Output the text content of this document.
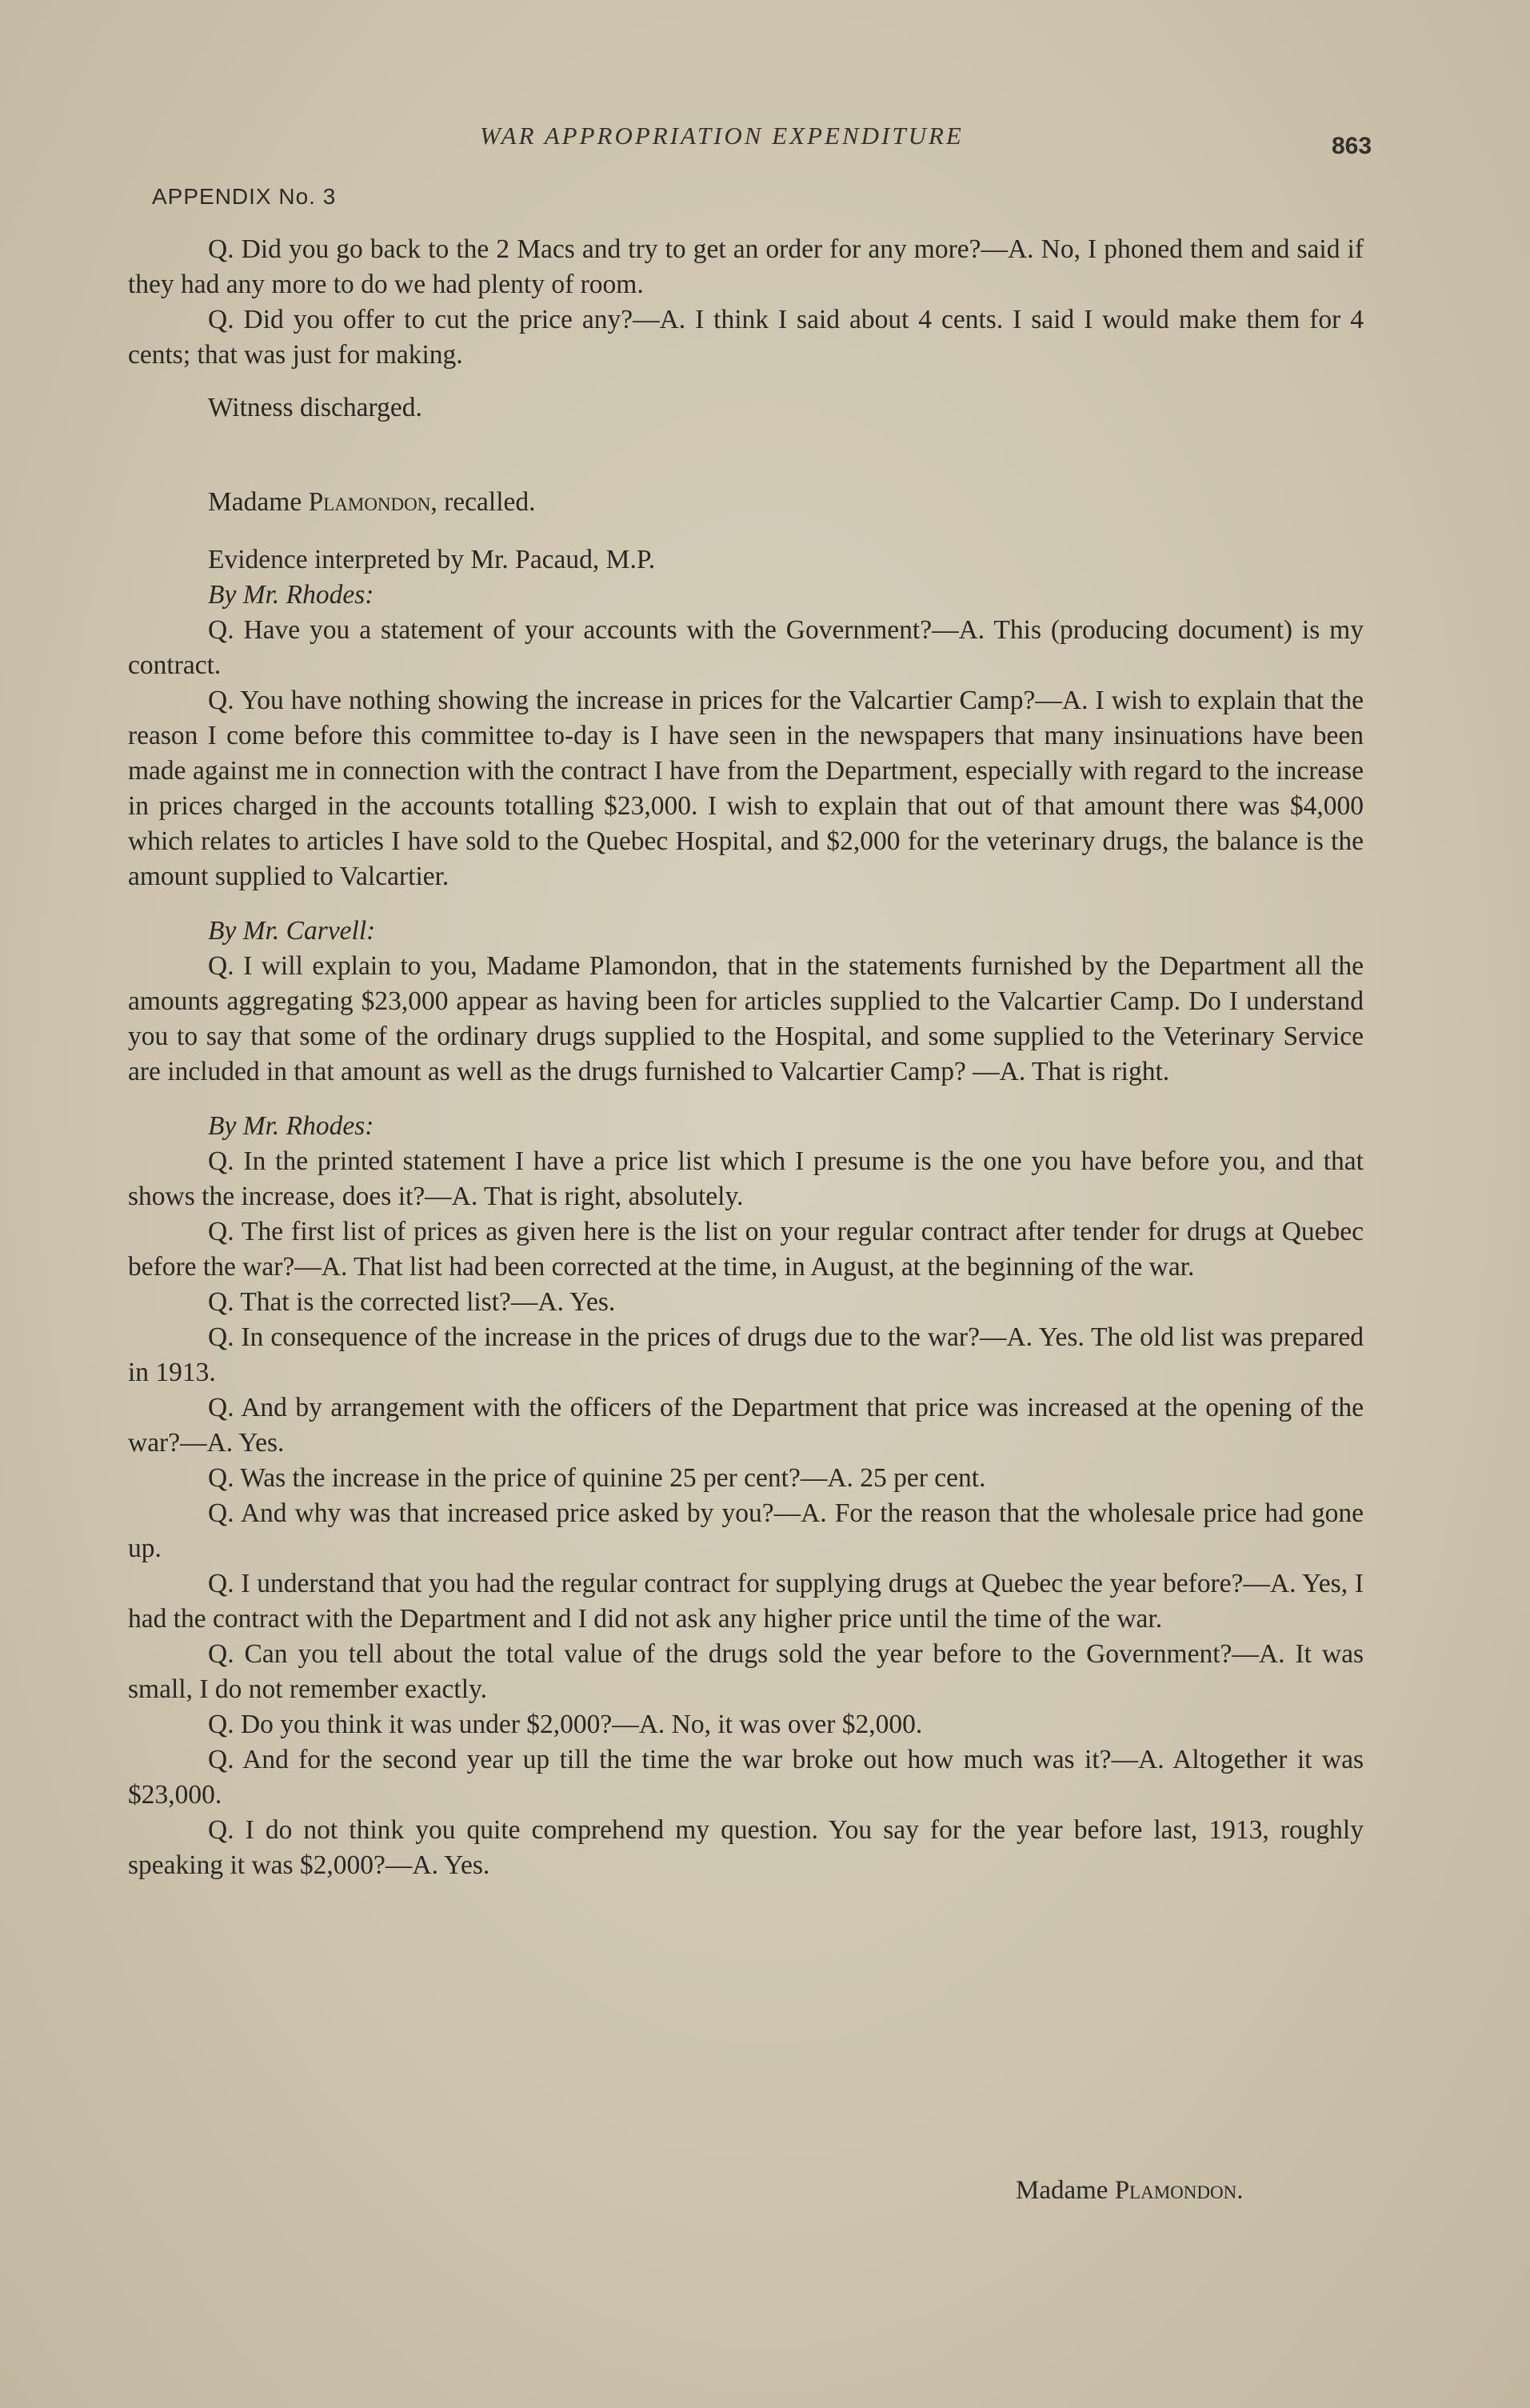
WAR APPROPRIATION EXPENDITURE	863
APPENDIX No. 3

Q. Did you go back to the 2 Macs and try to get an order for any more?—A. No, I phoned them and said if they had any more to do we had plenty of room.

Q. Did you offer to cut the price any?—A. I think I said about 4 cents. I said I would make them for 4 cents; that was just for making.

Witness discharged.

Madame Plamondon, recalled.

Evidence interpreted by Mr. Pacaud, M.P.

By Mr. Rhodes:

Q. Have you a statement of your accounts with the Government?—A. This (producing document) is my contract.

Q. You have nothing showing the increase in prices for the Valcartier Camp?—A. I wish to explain that the reason I come before this committee to-day is I have seen in the newspapers that many insinuations have been made against me in connection with the contract I have from the Department, especially with regard to the increase in prices charged in the accounts totalling $23,000. I wish to explain that out of that amount there was $4,000 which relates to articles I have sold to the Quebec Hospital, and $2,000 for the veterinary drugs, the balance is the amount supplied to Valcartier.

By Mr. Carvell:

Q. I will explain to you, Madame Plamondon, that in the statements furnished by the Department all the amounts aggregating $23,000 appear as having been for articles supplied to the Valcartier Camp. Do I understand you to say that some of the ordinary drugs supplied to the Hospital, and some supplied to the Veterinary Service are included in that amount as well as the drugs furnished to Valcartier Camp? —A. That is right.

By Mr. Rhodes:

Q. In the printed statement I have a price list which I presume is the one you have before you, and that shows the increase, does it?—A. That is right, absolutely.

Q. The first list of prices as given here is the list on your regular contract after tender for drugs at Quebec before the war?—A. That list had been corrected at the time, in August, at the beginning of the war.

Q. That is the corrected list?—A. Yes.

Q. In consequence of the increase in the prices of drugs due to the war?—A. Yes. The old list was prepared in 1913.

Q. And by arrangement with the officers of the Department that price was increased at the opening of the war?—A. Yes.

Q. Was the increase in the price of quinine 25 per cent?—A. 25 per cent.

Q. And why was that increased price asked by you?—A. For the reason that the wholesale price had gone up.

Q. I understand that you had the regular contract for supplying drugs at Quebec the year before?—A. Yes, I had the contract with the Department and I did not ask any higher price until the time of the war.

Q. Can you tell about the total value of the drugs sold the year before to the Government?—A. It was small, I do not remember exactly.

Q. Do you think it was under $2,000?—A. No, it was over $2,000.

Q. And for the second year up till the time the war broke out how much was it?—A. Altogether it was $23,000.

Q. I do not think you quite comprehend my question. You say for the year before last, 1913, roughly speaking it was $2,000?—A. Yes.

Madame Plamondon.
